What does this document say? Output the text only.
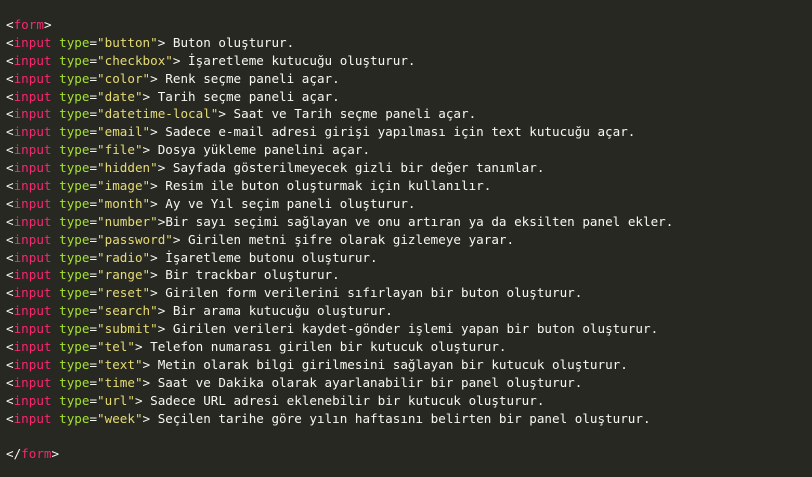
<form>
<input type="button"> Buton oluşturur.
<input type="checkbox"> İşaretleme kutucuğu oluşturur.
<input type="color"> Renk seçme paneli açar.
<input type="date"> Tarih seçme paneli açar.
<input type="datetime-local"> Saat ve Tarih seçme paneli açar.
<input type="email"> Sadece e-mail adresi girişi yapılması için text kutucuğu açar.
<input type="file"> Dosya yükleme panelini açar.
<input type="hidden"> Sayfada gösterilmeyecek gizli bir değer tanımlar.
<input type="image"> Resim ile buton oluşturmak için kullanılır.
<input type="month"> Ay ve Yıl seçim paneli oluşturur.
<input type="number">Bir sayı seçimi sağlayan ve onu artıran ya da eksilten panel ekler.
<input type="password"> Girilen metni şifre olarak gizlemeye yarar.
<input type="radio"> İşaretleme butonu oluşturur.
<input type="range"> Bir trackbar oluşturur.
<input type="reset"> Girilen form verilerini sıfırlayan bir buton oluşturur.
<input type="search"> Bir arama kutucuğu oluşturur.
<input type="submit"> Girilen verileri kaydet-gönder işlemi yapan bir buton oluşturur.
<input type="tel"> Telefon numarası girilen bir kutucuk oluşturur.
<input type="text"> Metin olarak bilgi girilmesini sağlayan bir kutucuk oluşturur.
<input type="time"> Saat ve Dakika olarak ayarlanabilir bir panel oluşturur.
<input type="url"> Sadece URL adresi eklenebilir bir kutucuk oluşturur.
<input type="week"> Seçilen tarihe göre yılın haftasını belirten bir panel oluşturur.

</form>
